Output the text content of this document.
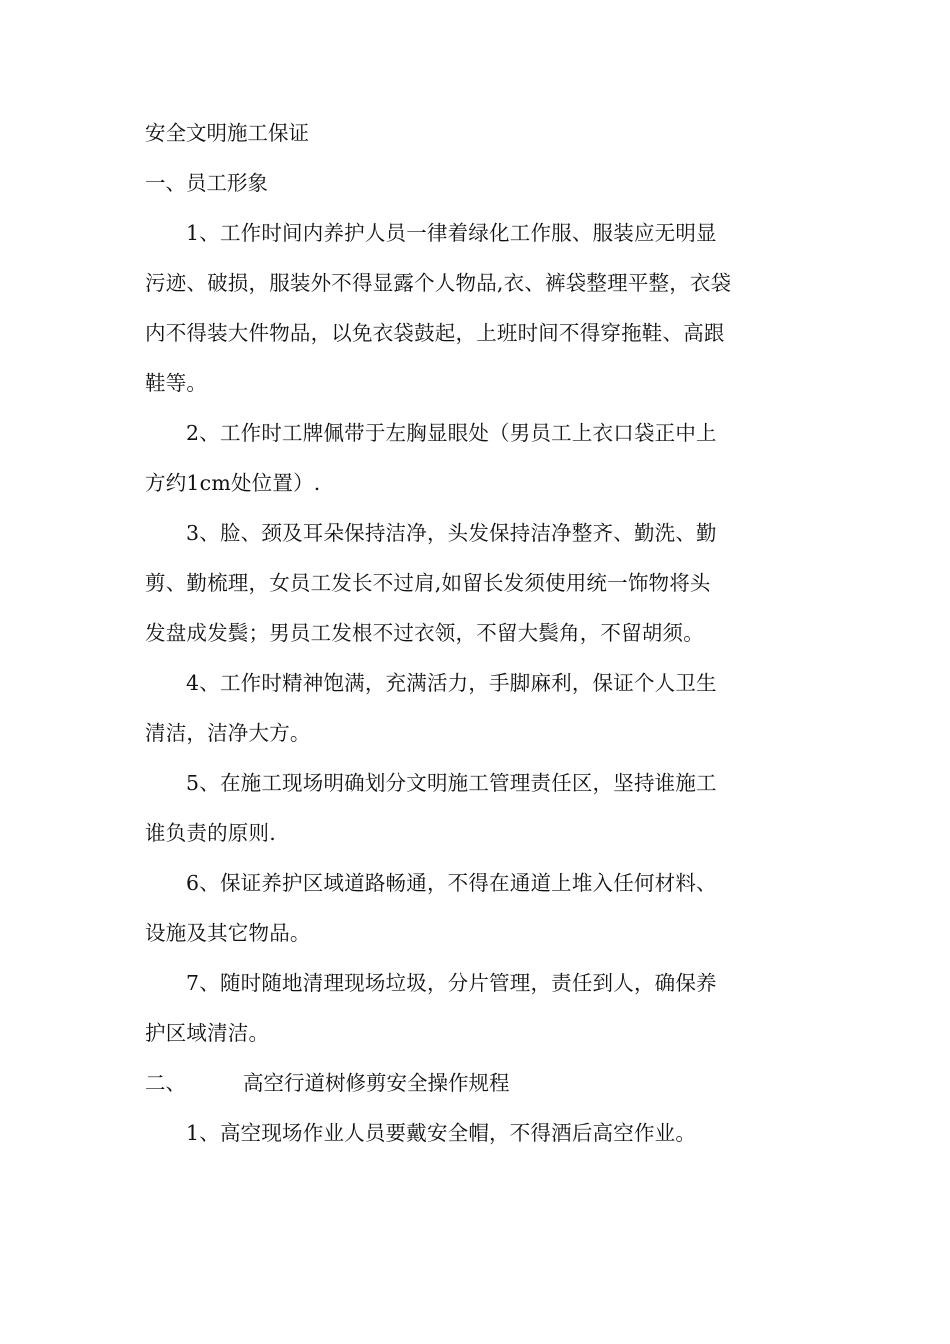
安全文明施工保证
一、员工形象
1、工作时间内养护人员一律着绿化工作服、服装应无明显
污迹、破损，服装外不得显露个人物品,衣、裤袋整理平整，衣袋
内不得装大件物品，以免衣袋鼓起，上班时间不得穿拖鞋、高跟
鞋等。
2、工作时工牌佩带于左胸显眼处（男员工上衣口袋正中上
方约1cm处位置）.
3、脸、颈及耳朵保持洁净，头发保持洁净整齐、勤洗、勤
剪、勤梳理，女员工发长不过肩,如留长发须使用统一饰物将头
发盘成发鬓；男员工发根不过衣领，不留大鬓角，不留胡须。
4、工作时精神饱满，充满活力，手脚麻利，保证个人卫生
清洁，洁净大方。
5、在施工现场明确划分文明施工管理责任区，坚持谁施工
谁负责的原则.
6、保证养护区域道路畅通，不得在通道上堆入任何材料、
设施及其它物品。
7、随时随地清理现场垃圾，分片管理，责任到人，确保养
护区域清洁。
二、	高空行道树修剪安全操作规程
1、高空现场作业人员要戴安全帽，不得酒后高空作业。
